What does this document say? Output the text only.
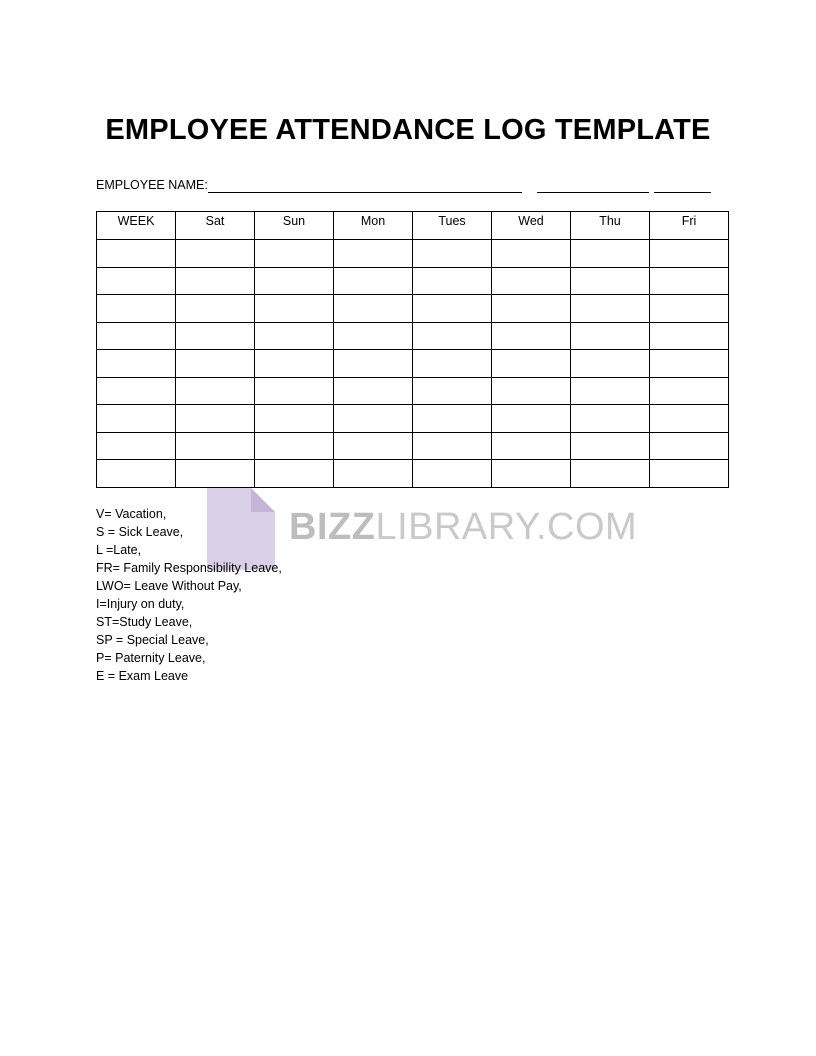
EMPLOYEE ATTENDANCE LOG TEMPLATE
EMPLOYEE NAME:
WEEK	Sat	Sun	Mon	Tues	Wed	Thu	Fri

BIZZLIBRARY.COM
V= Vacation,
S = Sick Leave,
L =Late,
FR= Family Responsibility Leave,
LWO= Leave Without Pay,
I=Injury on duty,
ST=Study Leave,
SP = Special Leave,
P= Paternity Leave,
E = Exam Leave
